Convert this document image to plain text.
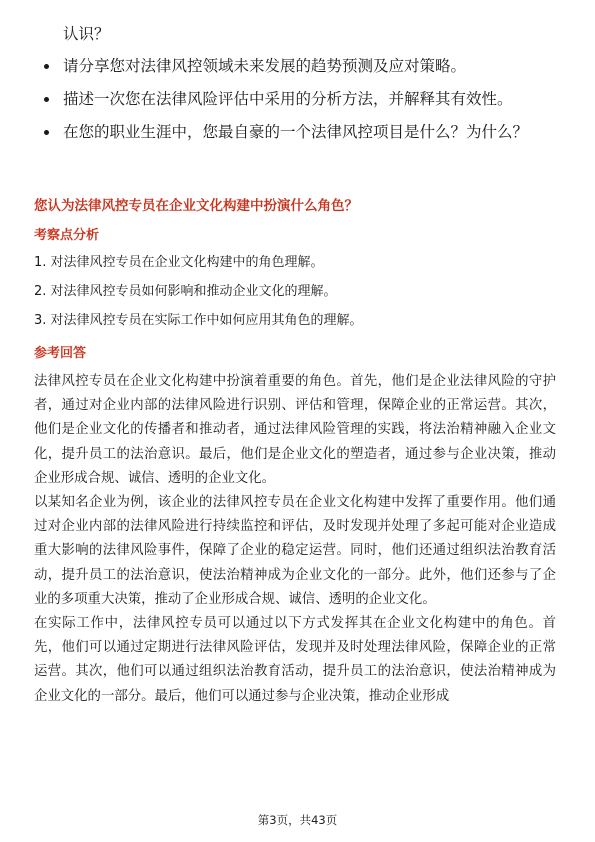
认识？
请分享您对法律风控领域未来发展的趋势预测及应对策略。
描述一次您在法律风险评估中采用的分析方法，并解释其有效性。
在您的职业生涯中，您最自豪的一个法律风控项目是什么？为什么？
您认为法律风控专员在企业文化构建中扮演什么角色？
考察点分析
1. 对法律风控专员在企业文化构建中的角色理解。
2. 对法律风控专员如何影响和推动企业文化的理解。
3. 对法律风控专员在实际工作中如何应用其角色的理解。
参考回答

法律风控专员在企业文化构建中扮演着重要的角色。首先，他们是企业法律风险的守护者，通过对企业内部的法律风险进行识别、评估和管理，保障企业的正常运营。其次，他们是企业文化的传播者和推动者，通过法律风险管理的实践，将法治精神融入企业文化，提升员工的法治意识。最后，他们是企业文化的塑造者，通过参与企业决策，推动企业形成合规、诚信、透明的企业文化。

以某知名企业为例，该企业的法律风控专员在企业文化构建中发挥了重要作用。他们通过对企业内部的法律风险进行持续监控和评估，及时发现并处理了多起可能对企业造成重大影响的法律风险事件，保障了企业的稳定运营。同时，他们还通过组织法治教育活动，提升员工的法治意识，使法治精神成为企业文化的一部分。此外，他们还参与了企业的多项重大决策，推动了企业形成合规、诚信、透明的企业文化。

在实际工作中，法律风控专员可以通过以下方式发挥其在企业文化构建中的角色。首先，他们可以通过定期进行法律风险评估，发现并及时处理法律风险，保障企业的正常运营。其次，他们可以通过组织法治教育活动，提升员工的法治意识，使法治精神成为企业文化的一部分。最后，他们可以通过参与企业决策，推动企业形成

第3页，共43页
